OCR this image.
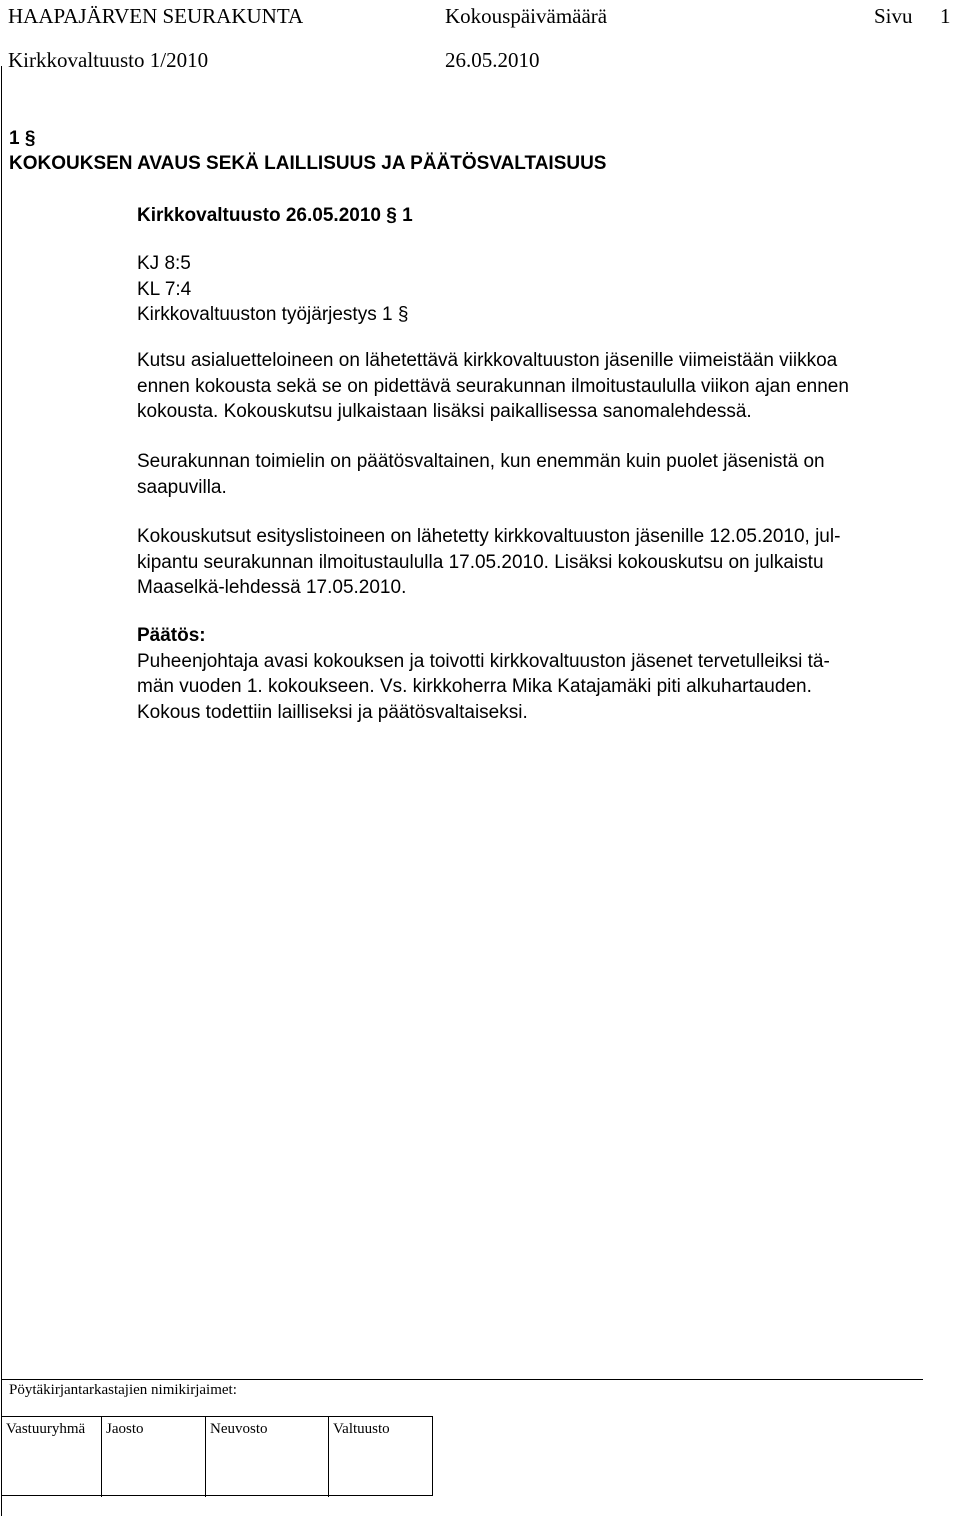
HAAPAJÄRVEN SEURAKUNTA	Kokouspäivämäärä	Sivu 1
Kirkkovaltuusto 1/2010	26.05.2010
1 §
KOKOUKSEN AVAUS SEKÄ LAILLISUUS JA PÄÄTÖSVALTAISUUS
Kirkkovaltuusto 26.05.2010 § 1
KJ 8:5
KL 7:4
Kirkkovaltuuston työjärjestys 1 §
Kutsu asialuetteloineen on lähetettävä kirkkovaltuuston jäsenille viimeistään viikkoa
ennen kokousta sekä se on pidettävä seurakunnan ilmoitustaululla viikon ajan ennen
kokousta. Kokouskutsu julkaistaan lisäksi paikallisessa sanomalehdessä.
Seurakunnan toimielin on päätösvaltainen, kun enemmän kuin puolet jäsenistä on
saapuvilla.
Kokouskutsut esityslistoineen on lähetetty kirkkovaltuuston jäsenille 12.05.2010, jul-
kipantu seurakunnan ilmoitustaululla 17.05.2010. Lisäksi kokouskutsu on julkaistu
Maaselkä-lehdessä 17.05.2010.
Päätös:
Puheenjohtaja avasi kokouksen ja toivotti kirkkovaltuuston jäsenet tervetulleiksi tä-
män vuoden 1. kokoukseen. Vs. kirkkoherra Mika Katajamäki piti alkuhartauden.
Kokous todettiin lailliseksi ja päätösvaltaiseksi.
Pöytäkirjantarkastajien nimikirjaimet:
Vastuuryhmä	Jaosto	Neuvosto	Valtuusto
